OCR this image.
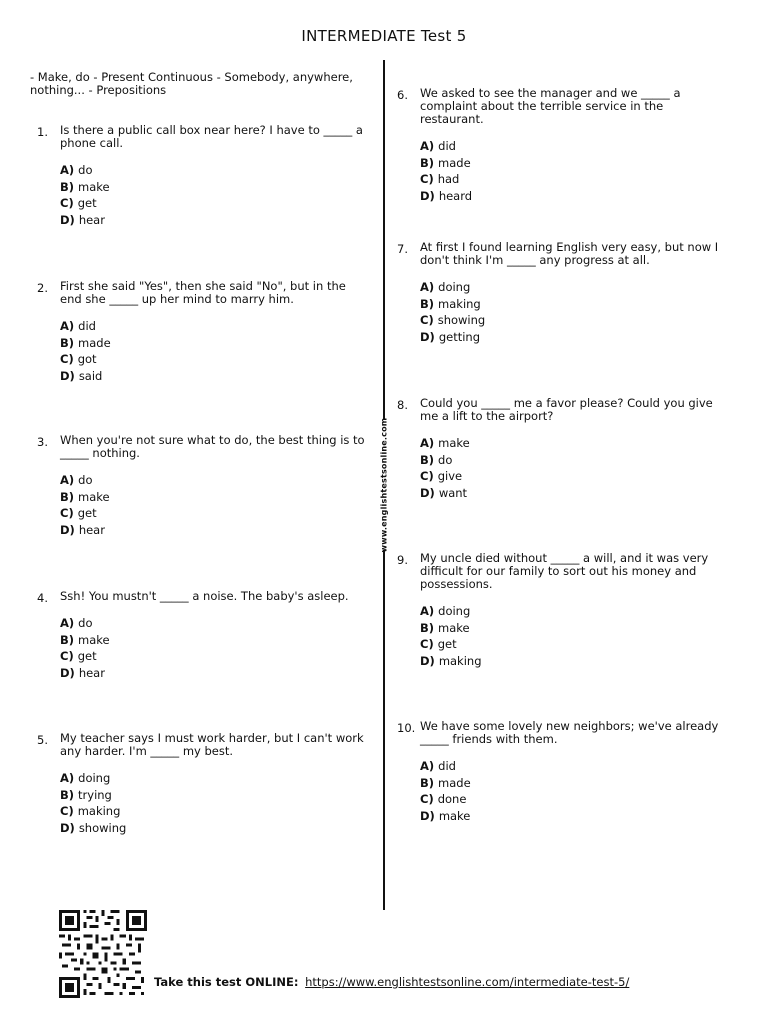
INTERMEDIATE Test 5
- Make, do - Present Continuous - Somebody, anywhere, nothing... - Prepositions
www.englishtestsonline.com
1.	Is there a public call box near here? I have to _____ a phone call.

A) do
B) make
C) get
D) hear
2.	First she said "Yes", then she said "No", but in the end she _____ up her mind to marry him.

A) did
B) made
C) got
D) said
3.	When you're not sure what to do, the best thing is to _____ nothing.

A) do
B) make
C) get
D) hear
4.	Ssh! You mustn't _____ a noise. The baby's asleep.

A) do
B) make
C) get
D) hear
5.	My teacher says I must work harder, but I can't work any harder. I'm _____ my best.

A) doing
B) trying
C) making
D) showing
6.	We asked to see the manager and we _____ a complaint about the terrible service in the restaurant.

A) did
B) made
C) had
D) heard
7.	At first I found learning English very easy, but now I don't think I'm _____ any progress at all.

A) doing
B) making
C) showing
D) getting
8.	Could you _____ me a favor please? Could you give me a lift to the airport?

A) make
B) do
C) give
D) want
9.	My uncle died without _____ a will, and it was very difficult for our family to sort out his money and possessions.

A) doing
B) make
C) get
D) making
10. We have some lovely new neighbors; we've already _____ friends with them.

A) did
B) made
C) done
D) make
Take this test ONLINE: https://www.englishtestsonline.com/intermediate-test-5/
